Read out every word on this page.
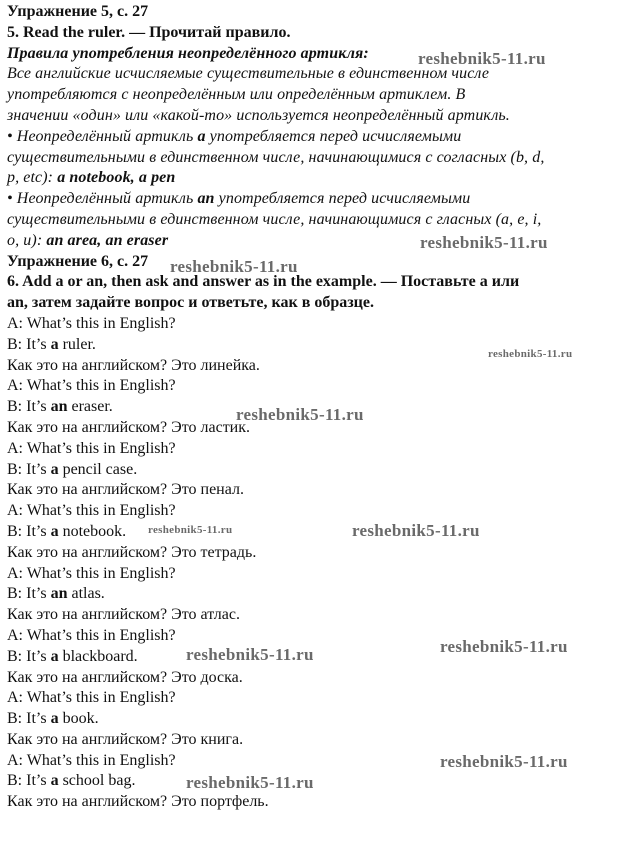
Упражнение 5, с. 27
5. Read the ruler. — Прочитай правило.
Правила употребления неопределённого артикля:
Все английские исчисляемые существительные в единственном числе
употребляются с неопределённым или определённым артиклем. В
значении «один» или «какой-то» используется неопределённый артикль.
• Неопределённый артикль a употребляется перед исчисляемыми
существительными в единственном числе, начинающимися с согласных (b, d,
p, etc): a notebook, a pen
• Неопределённый артикль an употребляется перед исчисляемыми
существительными в единственном числе, начинающимися с гласных (a, e, i,
o, u): an area, an eraser
Упражнение 6, с. 27
6. Add a or an, then ask and answer as in the example. — Поставьте a или
an, затем задайте вопрос и ответьте, как в образце.
A: What’s this in English?
B: It’s a ruler.
Как это на английском? Это линейка.
A: What’s this in English?
B: It’s an eraser.
Как это на английском? Это ластик.
A: What’s this in English?
B: It’s a pencil case.
Как это на английском? Это пенал.
A: What’s this in English?
B: It’s a notebook.
Как это на английском? Это тетрадь.
A: What’s this in English?
B: It’s an atlas.
Как это на английском? Это атлас.
A: What’s this in English?
B: It’s a blackboard.
Как это на английском? Это доска.
A: What’s this in English?
B: It’s a book.
Как это на английском? Это книга.
A: What’s this in English?
B: It’s a school bag.
Как это на английском? Это портфель.
reshebnik5-11.ru
reshebnik5-11.ru
reshebnik5-11.ru
reshebnik5-11.ru
reshebnik5-11.ru
reshebnik5-11.ru	reshebnik5-11.ru
reshebnik5-11.ru
reshebnik5-11.ru
reshebnik5-11.ru
reshebnik5-11.ru
